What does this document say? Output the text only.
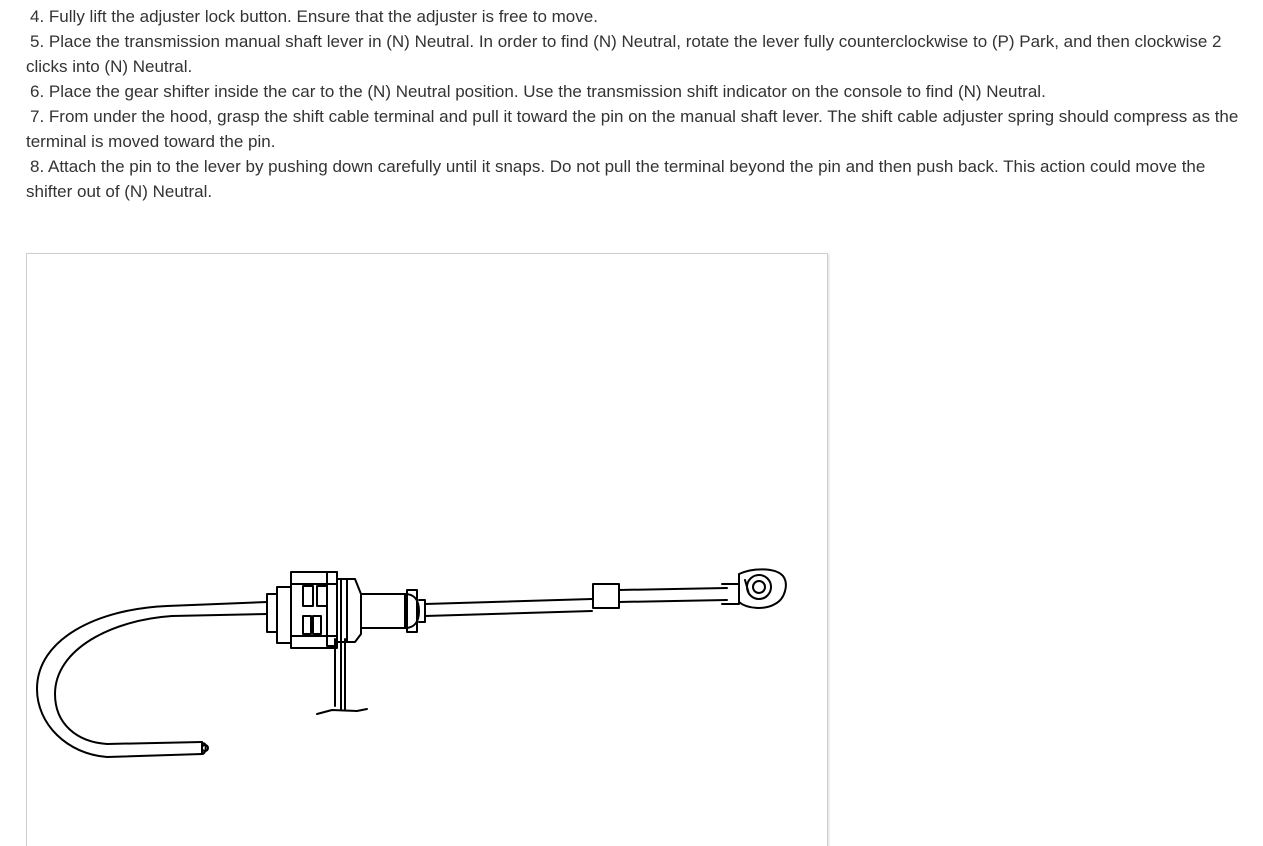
4. Fully lift the adjuster lock button. Ensure that the adjuster is free to move.
5. Place the transmission manual shaft lever in (N) Neutral. In order to find (N) Neutral, rotate the lever fully counterclockwise to (P) Park, and then clockwise 2 clicks into (N) Neutral.
6. Place the gear shifter inside the car to the (N) Neutral position. Use the transmission shift indicator on the console to find (N) Neutral.
7. From under the hood, grasp the shift cable terminal and pull it toward the pin on the manual shaft lever. The shift cable adjuster spring should compress as the terminal is moved toward the pin.
8. Attach the pin to the lever by pushing down carefully until it snaps. Do not pull the terminal beyond the pin and then push back. This action could move the shifter out of (N) Neutral.
